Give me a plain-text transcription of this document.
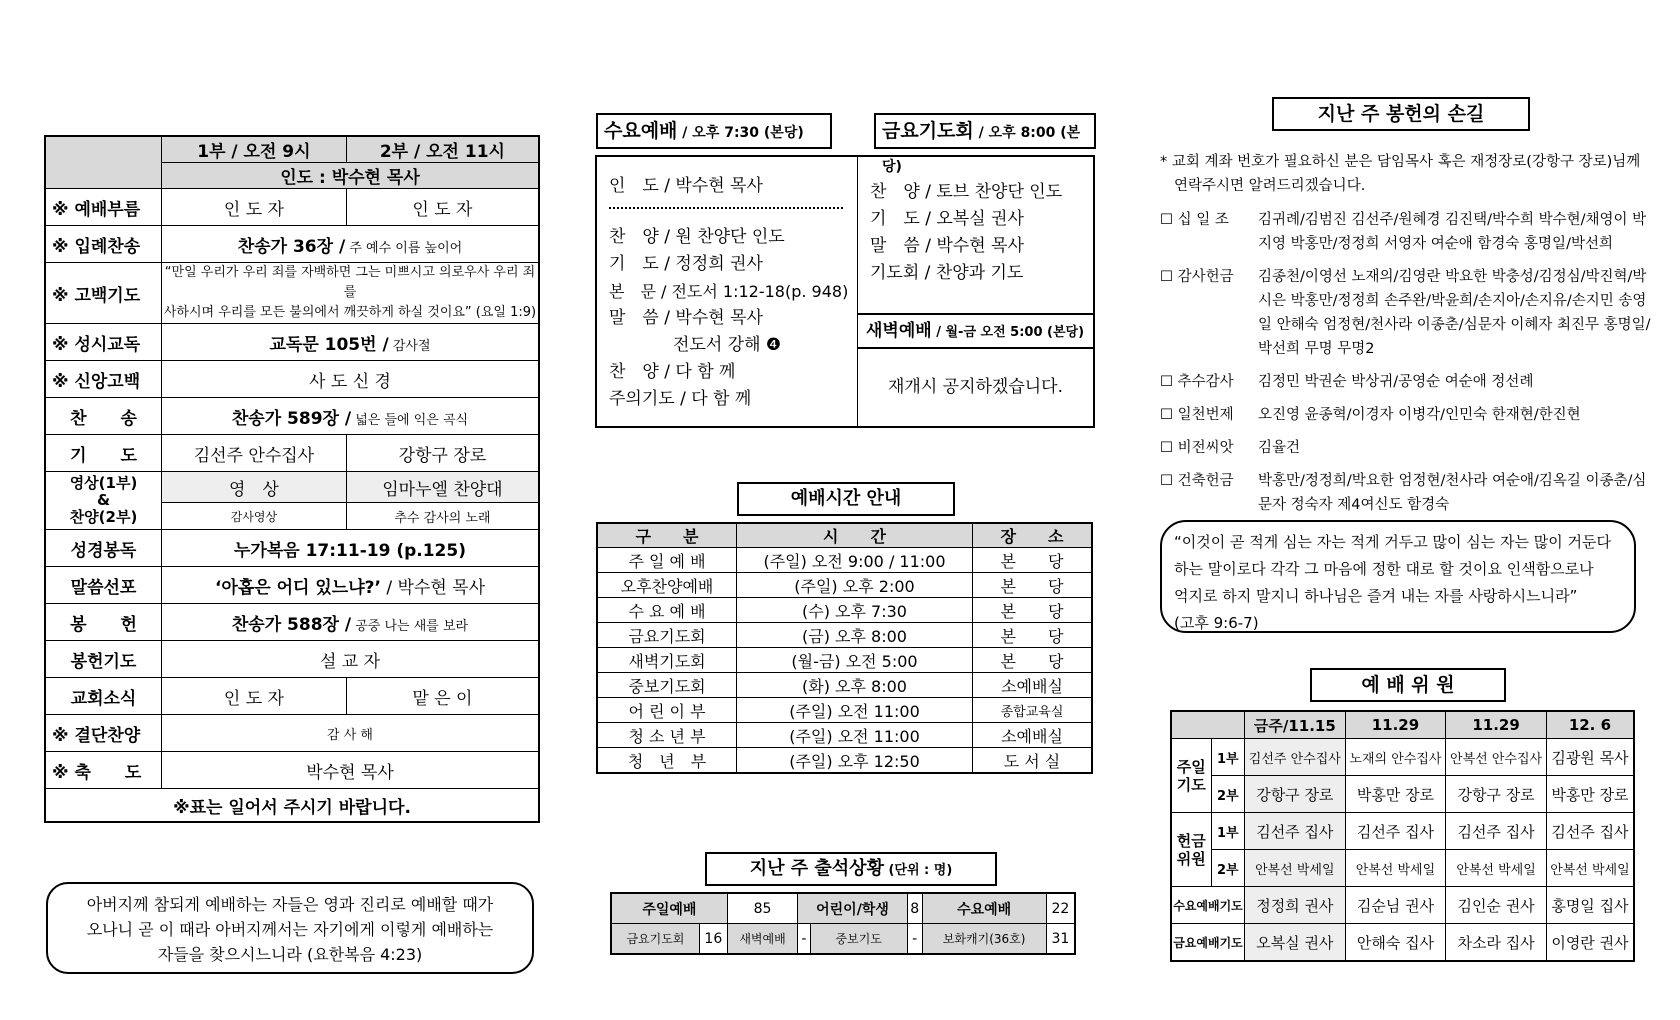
	1부 / 오전 9시	2부 / 오전 11시
	인도 : 박수현 목사	
※ 예배부름	인 도 자	인 도 자
※ 입례찬송	찬송가 36장 / 주 예수 이름 높이어	
※ 고백기도	“만일 우리가 우리 죄를 자백하면 그는 미쁘시고 의로우사 우리 죄를
사하시며 우리를 모든 불의에서 깨끗하게 하실 것이요” (요일 1:9)	

※ 성시교독	교독문 105번 / 감사절	
※ 신앙고백	사 도 신 경	
찬　　송	찬송가 589장 / 넓은 들에 익은 곡식	
기　　도	김선주 안수집사	강항구 장로
영상(1부)
&
찬양(2부)	영　상	임마누엘 찬양대
	감사영상	추수 감사의 노래
성경봉독	누가복음 17:11-19 (p.125)	
말씀선포	‘아홉은 어디 있느냐?’ / 박수현 목사	
봉　　헌	찬송가 588장 / 공중 나는 새를 보라	
봉헌기도	설 교 자	
교회소식	인 도 자	맡 은 이
※ 결단찬양	감 사 해	
※ 축　　도	박수현 목사	
※표는 일어서 주시기 바랍니다.		
아버지께 참되게 예배하는 자들은 영과 진리로 예배할 때가
오나니 곧 이 때라 아버지께서는 자기에게 이렇게 예배하는
자들을 찾으시느니라 (요한복음 4:23)
수요예배 / 오후 7:30 (본당)	금요기도회 / 오후 8:00 (본당)
인　도 / 박수현 목사
찬　양 / 원 찬양단 인도
기　도 / 정정희 권사
본　문 / 전도서 1:12-18(p. 948)
말　씀 / 박수현 목사
전도서 강해 ❹
찬　양 / 다 함 께
주의기도 / 다 함 께
찬　양 / 토브 찬양단 인도
기　도 / 오복실 권사
말　씀 / 박수현 목사
기도회 / 찬양과 기도
새벽예배 / 월-금 오전 5:00 (본당)
재개시 공지하겠습니다.
예배시간 안내
구　　분	시　　간	장　　소
주 일 예 배	(주일) 오전 9:00 / 11:00	본　　당
오후찬양예배	(주일) 오후 2:00	본　　당
수 요 예 배	(수) 오후 7:30	본　　당
금요기도회	(금) 오후 8:00	본　　당
새벽기도회	(월-금) 오전 5:00	본　　당
중보기도회	(화) 오후 8:00	소예배실
어 린 이 부	(주일) 오전 11:00	종합교육실
청 소 년 부	(주일) 오전 11:00	소예배실
청　년　부	(주일) 오후 12:50	도 서 실
지난 주 출석상황 (단위 : 명)
주일예배		85	어린이/학생		8	수요예배	22
금요기도회	16	새벽예배	-	중보기도	-	보화캐기(36호)	31
지난 주 봉헌의 손길
* 교회 계좌 번호가 필요하신 분은 담임목사 혹은 재정장로(강항구 장로)님께
연락주시면 알려드리겠습니다.
☐ 십 일 조	김귀례/김범진 김선주/원혜경 김진택/박수희 박수현/채영이 박지영 박홍만/정정희 서영자 여순애 함경숙 홍명일/박선희
☐ 감사헌금	김종천/이영선 노재의/김영란 박요한 박충성/김정심/박진혁/박시은 박홍만/정정희 손주완/박윤희/손지아/손지유/손지민 송영일 안해숙 엄정현/천사라 이종춘/심문자 이혜자 최진무 홍명일/박선희 무명 무명2
☐ 추수감사	김정민 박권순 박상귀/공영순 여순애 정선례
☐ 일천번제	오진영 윤종혁/이경자 이병각/인민숙 한재현/한진현
☐ 비전씨앗	김율건
☐ 건축헌금	박홍만/정정희/박요한 엄정현/천사라 여순애/김옥길 이종춘/심문자 정숙자 제4여신도 함경숙
“이것이 곧 적게 심는 자는 적게 거두고 많이 심는 자는 많이 거둔다
하는 말이로다 각각 그 마음에 정한 대로 할 것이요 인색함으로나
억지로 하지 말지니 하나님은 즐겨 내는 자를 사랑하시느니라”
(고후 9:6-7)
예 배 위 원
		금주/11.15	11.29	11.29	12. 6
주일
기도	1부	김선주 안수집사	노재의 안수집사	안복선 안수집사	김광원 목사
	2부	강항구 장로	박홍만 장로	강항구 장로	박홍만 장로
헌금
위원	1부	김선주 집사	김선주 집사	김선주 집사	김선주 집사
	2부	안복선 박세일	안복선 박세일	안복선 박세일	안복선 박세일
수요예배기도		정정희 권사	김순님 권사	김인순 권사	홍명일 집사
금요예배기도		오복실 권사	안해숙 집사	차소라 집사	이영란 권사
